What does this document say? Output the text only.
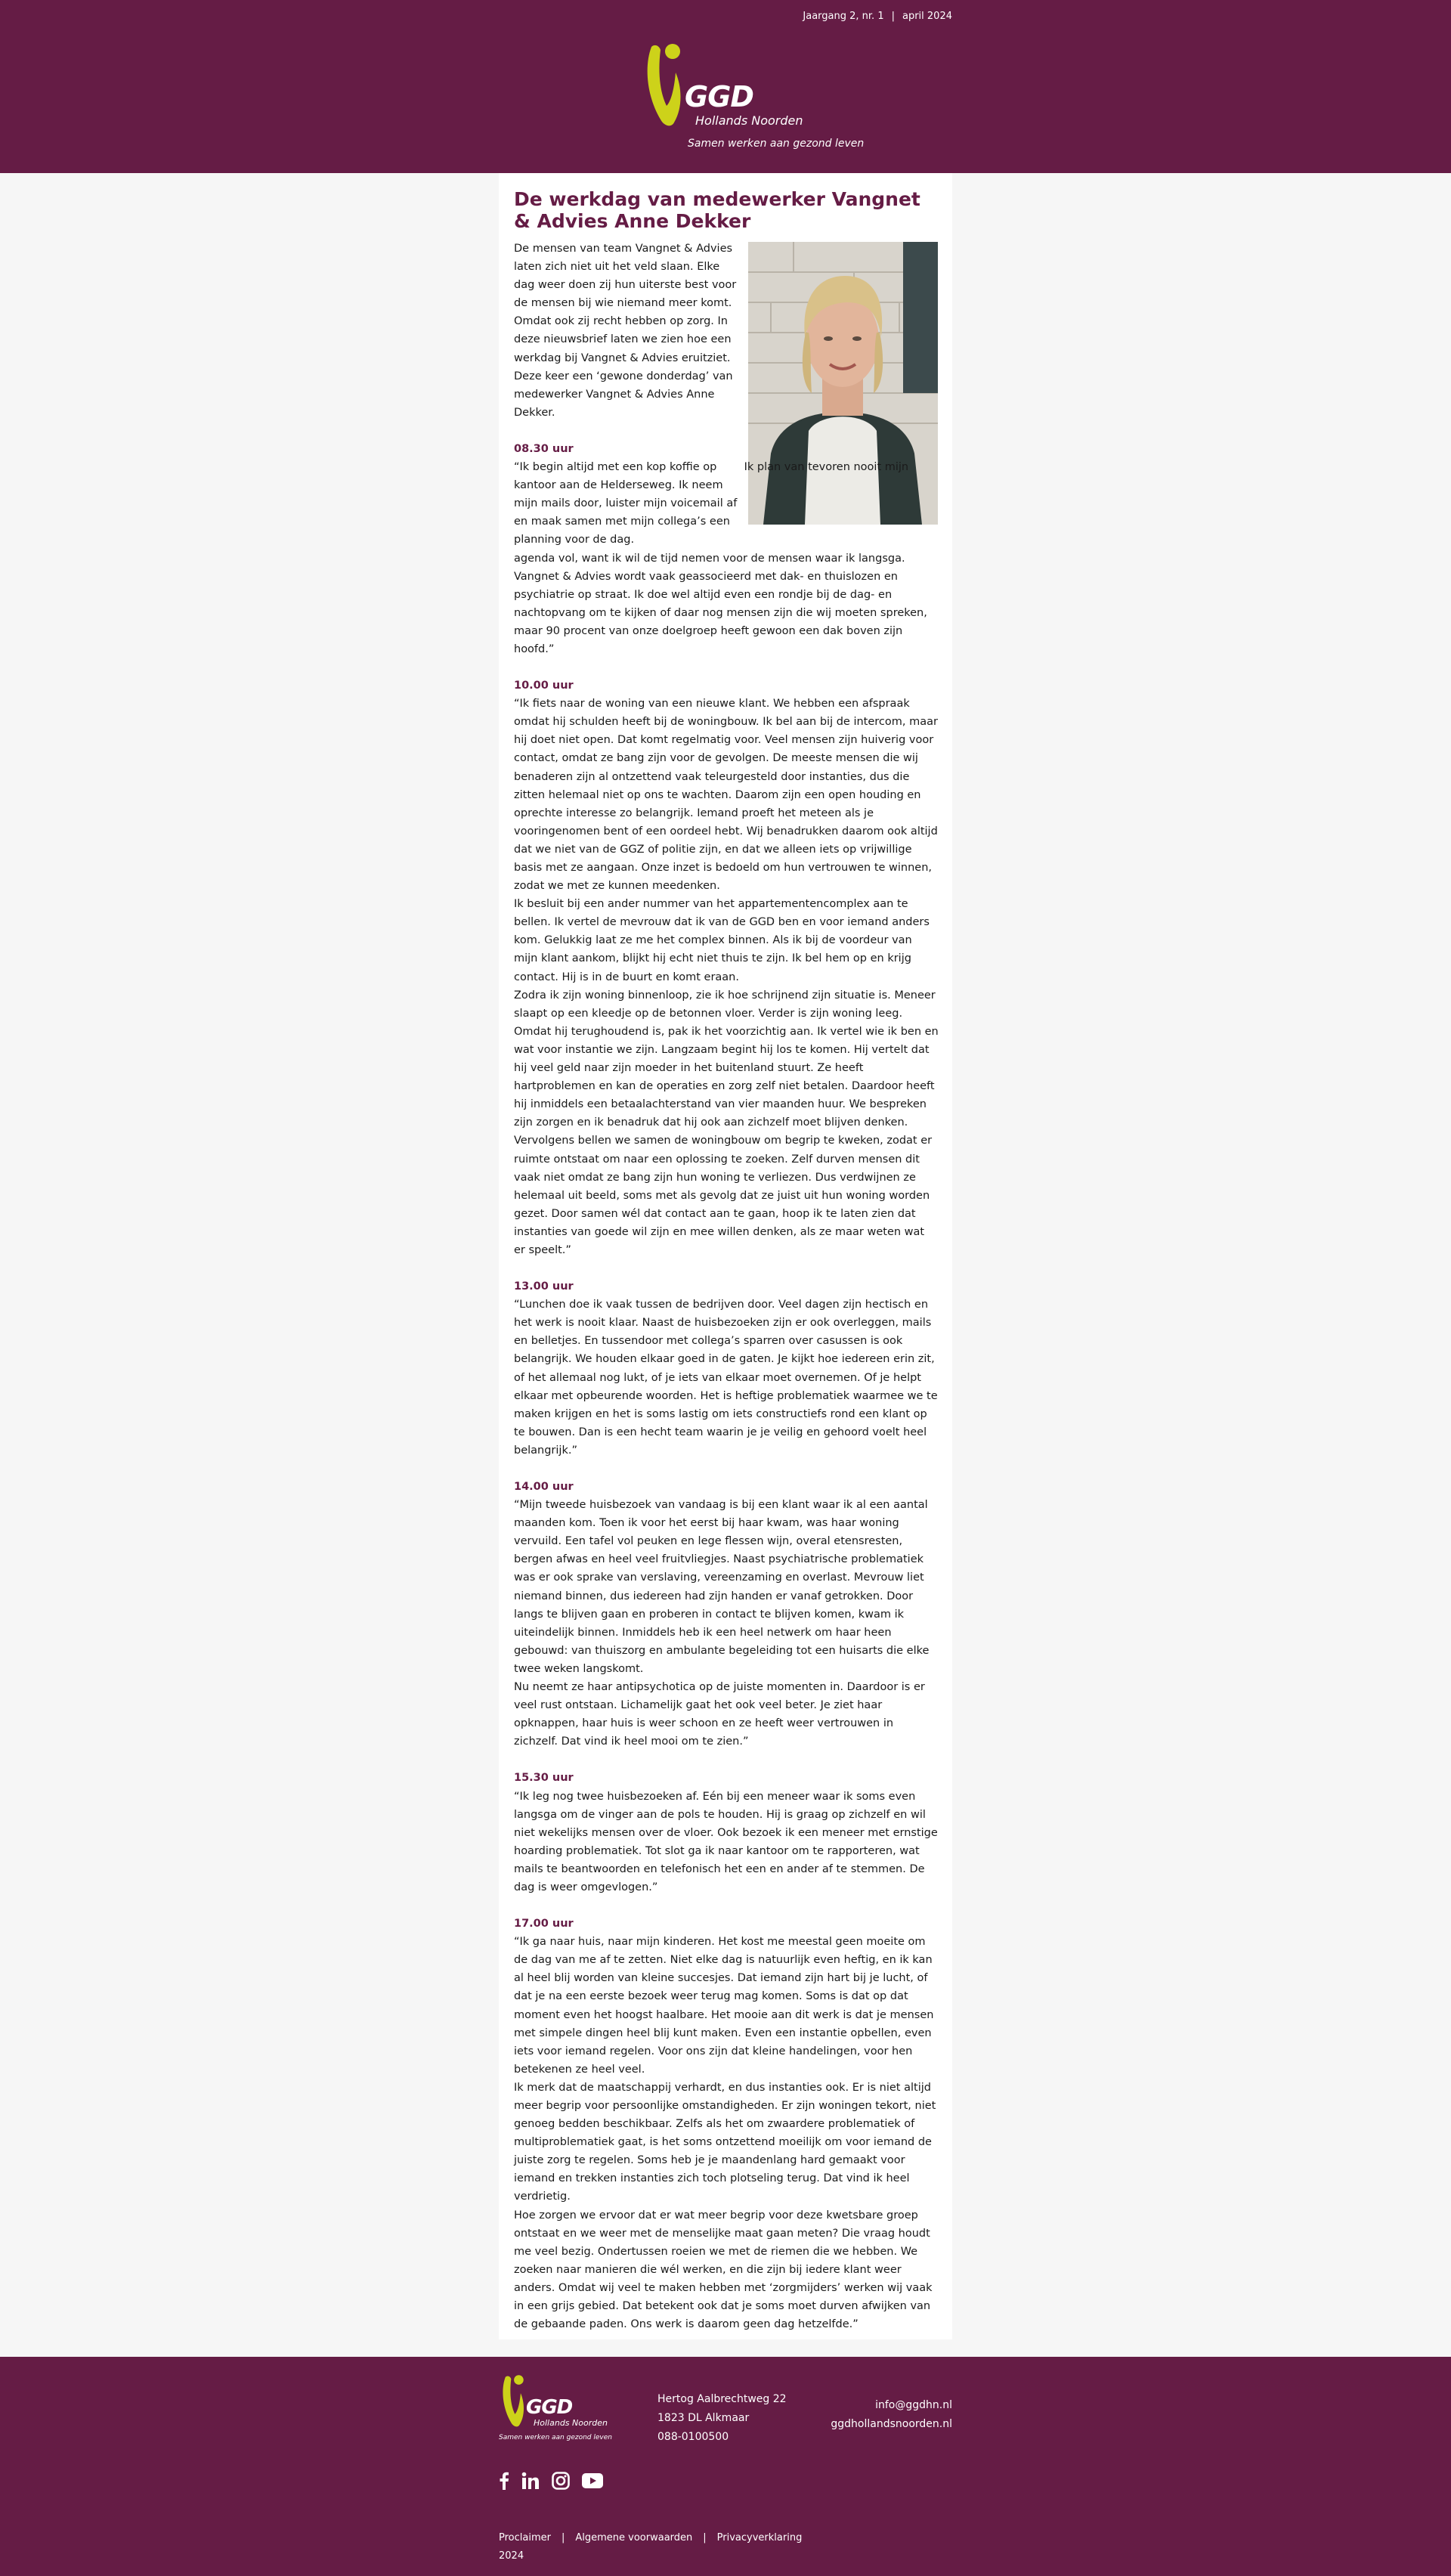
Jaargang 2, nr. 1 | april 2024
GGD
Hollands Noorden
Samen werken aan gezond leven
De werkdag van medewerker Vangnet & Advies Anne Dekker

De mensen van team Vangnet & Advies laten zich niet uit het veld slaan. Elke dag weer doen zij hun uiterste best voor de mensen bij wie niemand meer komt. Omdat ook zij recht hebben op zorg. In deze nieuwsbrief laten we zien hoe een werkdag bij Vangnet & Advies eruitziet. Deze keer een ‘gewone donderdag’ van medewerker Vangnet & Advies Anne Dekker.

08.30 uur

“Ik begin altijd met een kop koffie op kantoor aan de Helderseweg. Ik neem mijn mails door, luister mijn voicemail af en maak samen met mijn collega’s een planning voor de dag. Ik plan van tevoren nooit mijn agenda vol, want ik wil de tijd nemen voor de mensen waar ik langsga. Vangnet & Advies wordt vaak geassocieerd met dak- en thuislozen en psychiatrie op straat. Ik doe wel altijd even een rondje bij de dag- en nachtopvang om te kijken of daar nog mensen zijn die wij moeten spreken, maar 90 procent van onze doelgroep heeft gewoon een dak boven zijn hoofd.”

10.00 uur

“Ik fiets naar de woning van een nieuwe klant. We hebben een afspraak omdat hij schulden heeft bij de woningbouw. Ik bel aan bij de intercom, maar hij doet niet open. Dat komt regelmatig voor. Veel mensen zijn huiverig voor contact, omdat ze bang zijn voor de gevolgen. De meeste mensen die wij benaderen zijn al ontzettend vaak teleurgesteld door instanties, dus die zitten helemaal niet op ons te wachten. Daarom zijn een open houding en oprechte interesse zo belangrijk. Iemand proeft het meteen als je vooringenomen bent of een oordeel hebt. Wij benadrukken daarom ook altijd dat we niet van de GGZ of politie zijn, en dat we alleen iets op vrijwillige basis met ze aangaan. Onze inzet is bedoeld om hun vertrouwen te winnen, zodat we met ze kunnen meedenken.

Ik besluit bij een ander nummer van het appartementencomplex aan te bellen. Ik vertel de mevrouw dat ik van de GGD ben en voor iemand anders kom. Gelukkig laat ze me het complex binnen. Als ik bij de voordeur van mijn klant aankom, blijkt hij echt niet thuis te zijn. Ik bel hem op en krijg contact. Hij is in de buurt en komt eraan.

Zodra ik zijn woning binnenloop, zie ik hoe schrijnend zijn situatie is. Meneer slaapt op een kleedje op de betonnen vloer. Verder is zijn woning leeg. Omdat hij terughoudend is, pak ik het voorzichtig aan. Ik vertel wie ik ben en wat voor instantie we zijn. Langzaam begint hij los te komen. Hij vertelt dat hij veel geld naar zijn moeder in het buitenland stuurt. Ze heeft hartproblemen en kan de operaties en zorg zelf niet betalen. Daardoor heeft hij inmiddels een betaalachterstand van vier maanden huur. We bespreken zijn zorgen en ik benadruk dat hij ook aan zichzelf moet blijven denken. Vervolgens bellen we samen de woningbouw om begrip te kweken, zodat er ruimte ontstaat om naar een oplossing te zoeken. Zelf durven mensen dit vaak niet omdat ze bang zijn hun woning te verliezen. Dus verdwijnen ze helemaal uit beeld, soms met als gevolg dat ze juist uit hun woning worden gezet. Door samen wél dat contact aan te gaan, hoop ik te laten zien dat instanties van goede wil zijn en mee willen denken, als ze maar weten wat er speelt.”

13.00 uur

“Lunchen doe ik vaak tussen de bedrijven door. Veel dagen zijn hectisch en het werk is nooit klaar. Naast de huisbezoeken zijn er ook overleggen, mails en belletjes. En tussendoor met collega’s sparren over casussen is ook belangrijk. We houden elkaar goed in de gaten. Je kijkt hoe iedereen erin zit, of het allemaal nog lukt, of je iets van elkaar moet overnemen. Of je helpt elkaar met opbeurende woorden. Het is heftige problematiek waarmee we te maken krijgen en het is soms lastig om iets constructiefs rond een klant op te bouwen. Dan is een hecht team waarin je je veilig en gehoord voelt heel belangrijk.”

14.00 uur

“Mijn tweede huisbezoek van vandaag is bij een klant waar ik al een aantal maanden kom. Toen ik voor het eerst bij haar kwam, was haar woning vervuild. Een tafel vol peuken en lege flessen wijn, overal etensresten, bergen afwas en heel veel fruitvliegjes. Naast psychiatrische problematiek was er ook sprake van verslaving, vereenzaming en overlast. Mevrouw liet niemand binnen, dus iedereen had zijn handen er vanaf getrokken. Door langs te blijven gaan en proberen in contact te blijven komen, kwam ik uiteindelijk binnen. Inmiddels heb ik een heel netwerk om haar heen gebouwd: van thuiszorg en ambulante begeleiding tot een huisarts die elke twee weken langskomt.

Nu neemt ze haar antipsychotica op de juiste momenten in. Daardoor is er veel rust ontstaan. Lichamelijk gaat het ook veel beter. Je ziet haar opknappen, haar huis is weer schoon en ze heeft weer vertrouwen in zichzelf. Dat vind ik heel mooi om te zien.”

15.30 uur

“Ik leg nog twee huisbezoeken af. Eén bij een meneer waar ik soms even langsga om de vinger aan de pols te houden. Hij is graag op zichzelf en wil niet wekelijks mensen over de vloer. Ook bezoek ik een meneer met ernstige hoarding problematiek. Tot slot ga ik naar kantoor om te rapporteren, wat mails te beantwoorden en telefonisch het een en ander af te stemmen. De dag is weer omgevlogen.”

17.00 uur

“Ik ga naar huis, naar mijn kinderen. Het kost me meestal geen moeite om de dag van me af te zetten. Niet elke dag is natuurlijk even heftig, en ik kan al heel blij worden van kleine succesjes. Dat iemand zijn hart bij je lucht, of dat je na een eerste bezoek weer terug mag komen. Soms is dat op dat moment even het hoogst haalbare. Het mooie aan dit werk is dat je mensen met simpele dingen heel blij kunt maken. Even een instantie opbellen, even iets voor iemand regelen. Voor ons zijn dat kleine handelingen, voor hen betekenen ze heel veel.

Ik merk dat de maatschappij verhardt, en dus instanties ook. Er is niet altijd meer begrip voor persoonlijke omstandigheden. Er zijn woningen tekort, niet genoeg bedden beschikbaar. Zelfs als het om zwaardere problematiek of multiproblematiek gaat, is het soms ontzettend moeilijk om voor iemand de juiste zorg te regelen. Soms heb je je maandenlang hard gemaakt voor iemand en trekken instanties zich toch plotseling terug. Dat vind ik heel verdrietig.

Hoe zorgen we ervoor dat er wat meer begrip voor deze kwetsbare groep ontstaat en we weer met de menselijke maat gaan meten? Die vraag houdt me veel bezig. Ondertussen roeien we met de riemen die we hebben. We zoeken naar manieren die wél werken, en die zijn bij iedere klant weer anders. Omdat wij veel te maken hebben met ‘zorgmijders’ werken wij vaak in een grijs gebied. Dat betekent ook dat je soms moet durven afwijken van de gebaande paden. Ons werk is daarom geen dag hetzelfde.”

GGD
Hollands Noorden
Samen werken aan gezond leven
Hertog Aalbrechtweg 22
1823 DL Alkmaar
088-0100500
info@ggdhn.nl
ggdhollandsnoorden.nl
Proclaimer | Algemene voorwaarden | Privacyverklaring
2024
